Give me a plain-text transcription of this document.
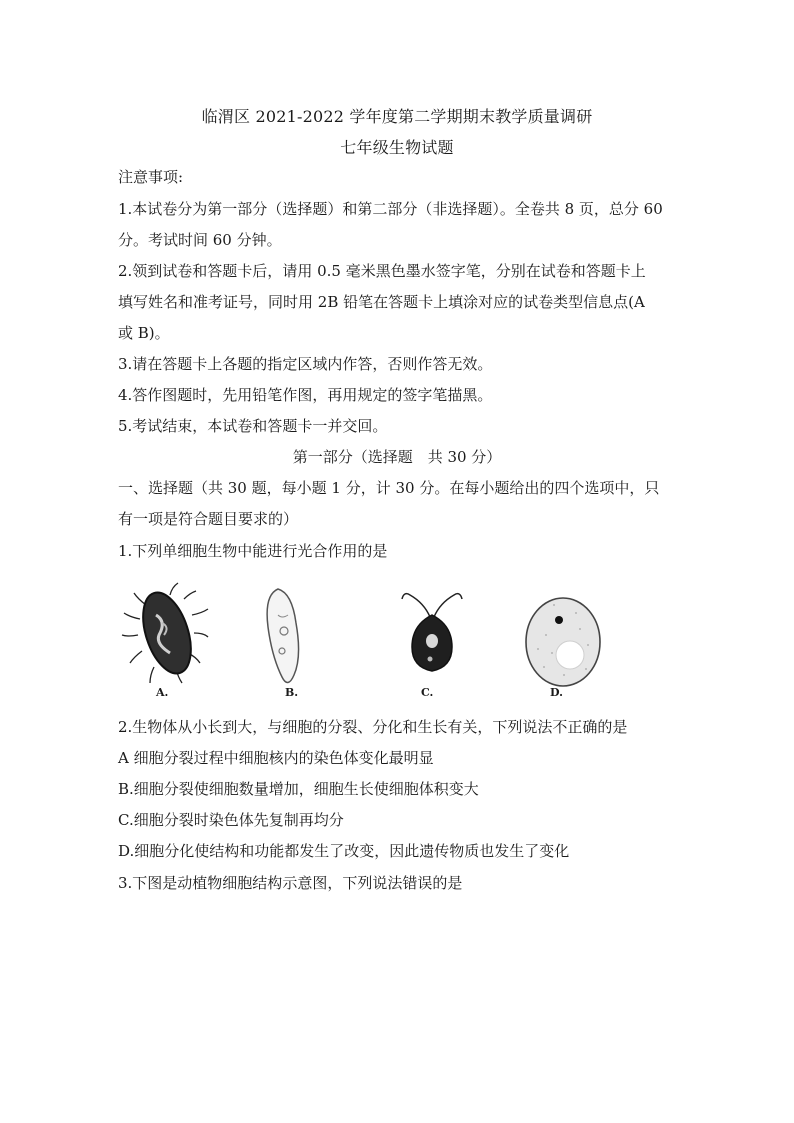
临渭区 2021-2022 学年度第二学期期末教学质量调研
七年级生物试题
注意事项:
1.本试卷分为第一部分（选择题）和第二部分（非选择题）。全卷共 8 页，总分 60
分。考试时间 60 分钟。
2.领到试卷和答题卡后，请用 0.5 毫米黑色墨水签字笔，分别在试卷和答题卡上
填写姓名和准考证号，同时用 2B 铅笔在答题卡上填涂对应的试卷类型信息点(A
或 B)。
3.请在答题卡上各题的指定区域内作答，否则作答无效。
4.答作图题时，先用铅笔作图，再用规定的签字笔描黑。
5.考试结束，本试卷和答题卡一并交回。
第一部分（选择题　共 30 分）
一、选择题（共 30 题，每小题 1 分，计 30 分。在每小题给出的四个选项中，只
有一项是符合题目要求的）
1.下列单细胞生物中能进行光合作用的是
A.	B.	C.	D.
2.生物体从小长到大，与细胞的分裂、分化和生长有关，下列说法不正确的是
A 细胞分裂过程中细胞核内的染色体变化最明显
B.细胞分裂使细胞数量增加，细胞生长使细胞体积变大
C.细胞分裂时染色体先复制再均分
D.细胞分化使结构和功能都发生了改变，因此遗传物质也发生了变化
3.下图是动植物细胞结构示意图，下列说法错误的是
